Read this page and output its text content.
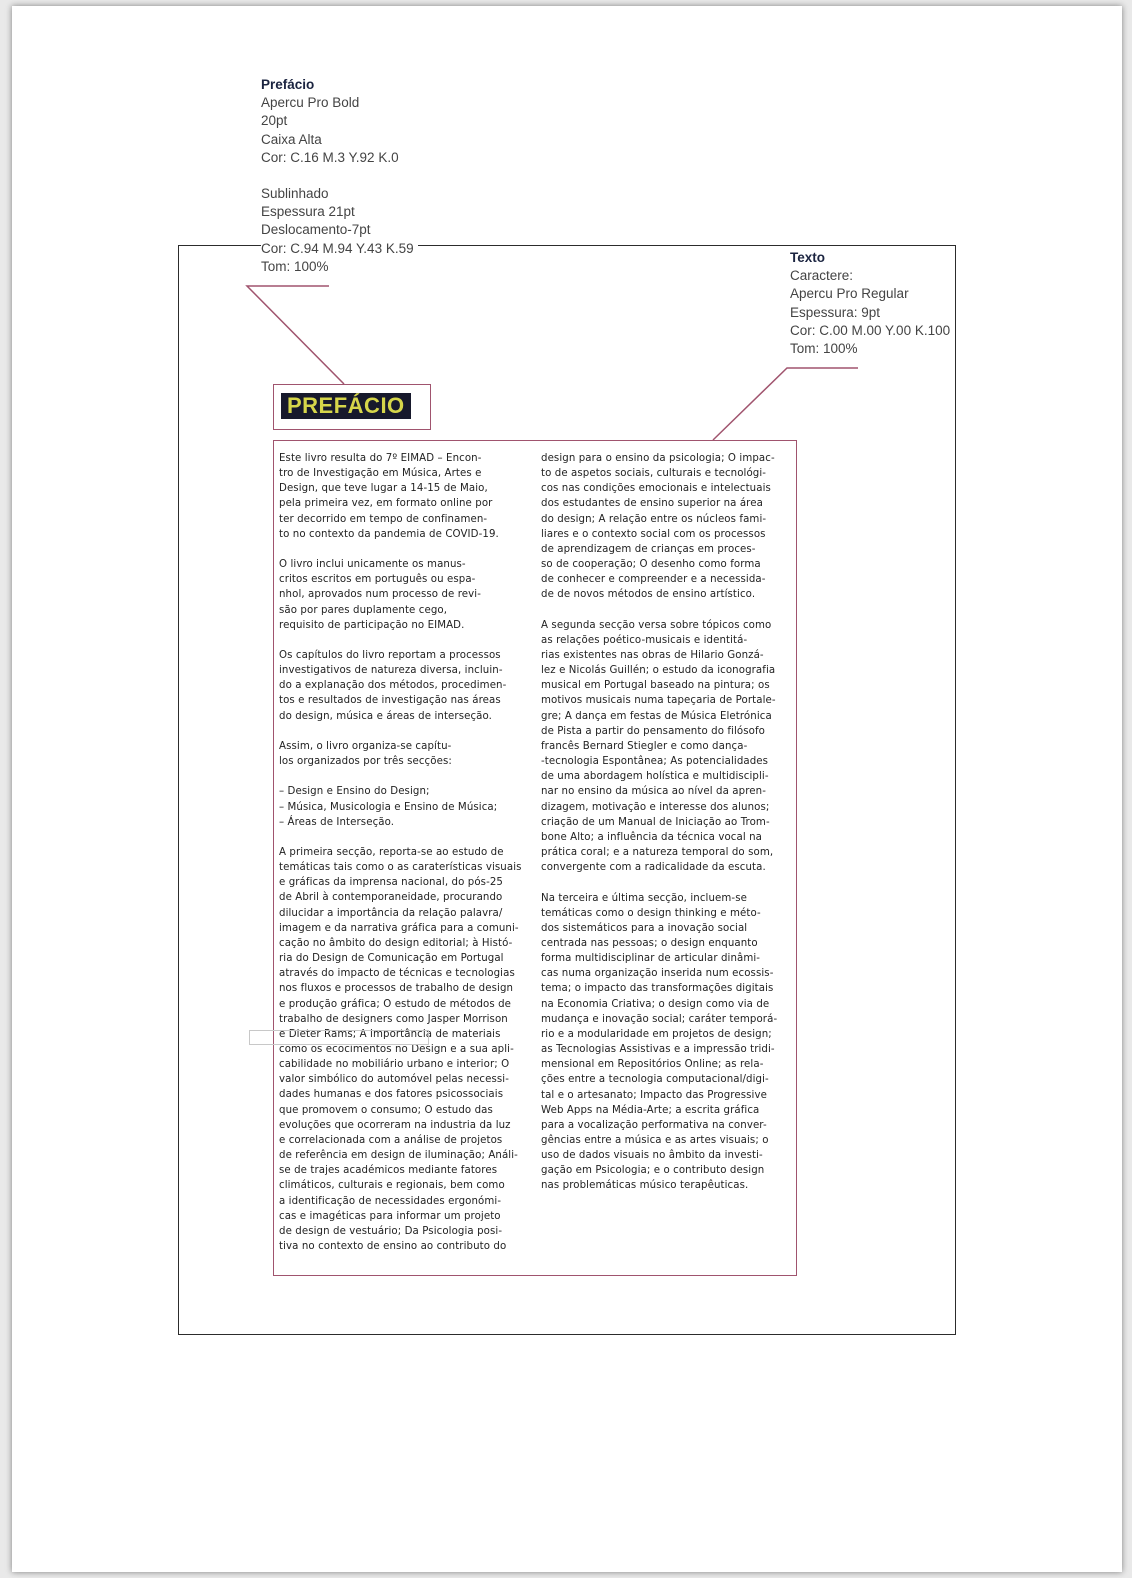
Prefácio
Apercu Pro Bold
20pt
Caixa Alta
Cor: C.16 M.3 Y.92 K.0
Sublinhado
Espessura 21pt
Deslocamento-7pt
Cor: C.94 M.94 Y.43 K.59
Tom: 100%
Texto
Caractere:
Apercu Pro Regular
Espessura: 9pt
Cor: C.00 M.00 Y.00 K.100
Tom: 100%
PREFÁCIO

Este livro resulta do 7º EIMAD – Encon-
tro de Investigação em Música, Artes e
Design, que teve lugar a 14-15 de Maio,
pela primeira vez, em formato online por
ter decorrido em tempo de confinamen-
to no contexto da pandemia de COVID-19.

O livro inclui unicamente os manus-
critos escritos em português ou espa-
nhol, aprovados num processo de revi-
são por pares duplamente cego,
requisito de participação no EIMAD.

Os capítulos do livro reportam a processos
investigativos de natureza diversa, incluin-
do a explanação dos métodos, procedimen-
tos e resultados de investigação nas áreas
do design, música e áreas de interseção.

Assim, o livro organiza-se capítu-
los organizados por três secções:

– Design e Ensino do Design;
– Música, Musicologia e Ensino de Música;
– Áreas de Interseção.

A primeira secção, reporta-se ao estudo de
temáticas tais como o as caraterísticas visuais
e gráficas da imprensa nacional, do pós-25
de Abril à contemporaneidade, procurando
dilucidar a importância da relação palavra/
imagem e da narrativa gráfica para a comuni-
cação no âmbito do design editorial; à Histó-
ria do Design de Comunicação em Portugal
através do impacto de técnicas e tecnologias
nos fluxos e processos de trabalho de design
e produção gráfica; O estudo de métodos de
trabalho de designers como Jasper Morrison
e Dieter Rams; A importância de materiais
como os ecocimentos no Design e a sua apli-
cabilidade no mobiliário urbano e interior; O
valor simbólico do automóvel pelas necessi-
dades humanas e dos fatores psicossociais
que promovem o consumo; O estudo das
evoluções que ocorreram na industria da luz
e correlacionada com a análise de projetos
de referência em design de iluminação; Análi-
se de trajes académicos mediante fatores
climáticos, culturais e regionais, bem como
a identificação de necessidades ergonómi-
cas e imagéticas para informar um projeto
de design de vestuário; Da Psicologia posi-
tiva no contexto de ensino ao contributo do

design para o ensino da psicologia; O impac-
to de aspetos sociais, culturais e tecnológi-
cos nas condições emocionais e intelectuais
dos estudantes de ensino superior na área
do design; A relação entre os núcleos fami-
liares e o contexto social com os processos
de aprendizagem de crianças em proces-
so de cooperação; O desenho como forma
de conhecer e compreender e a necessida-
de de novos métodos de ensino artístico.

A segunda secção versa sobre tópicos como
as relações poético-musicais e identitá-
rias existentes nas obras de Hilario Gonzá-
lez e Nicolás Guillén; o estudo da iconografia
musical em Portugal baseado na pintura; os
motivos musicais numa tapeçaria de Portale-
gre; A dança em festas de Música Eletrónica
de Pista a partir do pensamento do filósofo
francês Bernard Stiegler e como dança-
-tecnologia Espontânea; As potencialidades
de uma abordagem holística e multidiscipli-
nar no ensino da música ao nível da apren-
dizagem, motivação e interesse dos alunos;
criação de um Manual de Iniciação ao Trom-
bone Alto; a influência da técnica vocal na
prática coral; e a natureza temporal do som,
convergente com a radicalidade da escuta.

Na terceira e última secção, incluem-se
temáticas como o design thinking e méto-
dos sistemáticos para a inovação social
centrada nas pessoas; o design enquanto
forma multidisciplinar de articular dinâmi-
cas numa organização inserida num ecossis-
tema; o impacto das transformações digitais
na Economia Criativa; o design como via de
mudança e inovação social; caráter temporá-
rio e a modularidade em projetos de design;
as Tecnologias Assistivas e a impressão tridi-
mensional em Repositórios Online; as rela-
ções entre a tecnologia computacional/digi-
tal e o artesanato; Impacto das Progressive
Web Apps na Média-Arte; a escrita gráfica
para a vocalização performativa na conver-
gências entre a música e as artes visuais; o
uso de dados visuais no âmbito da investi-
gação em Psicologia; e o contributo design
nas problemáticas músico terapêuticas.
